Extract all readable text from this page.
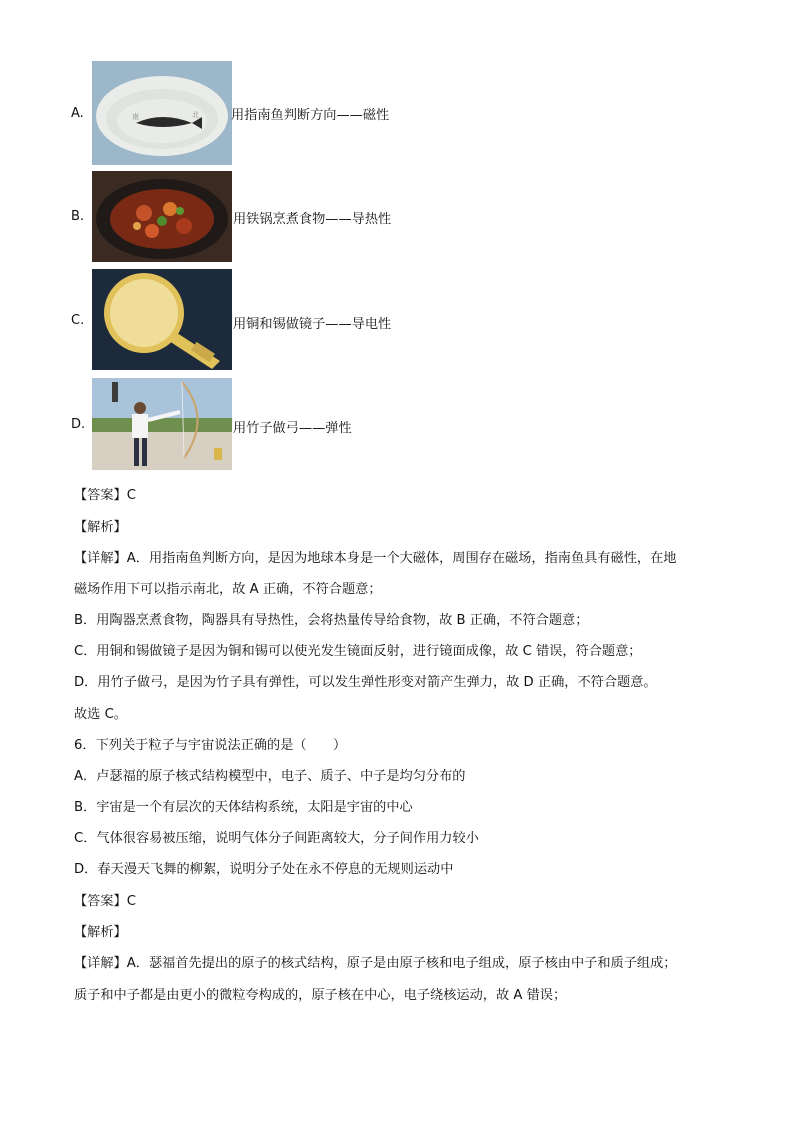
A.	南	北 用指南鱼判断方向——磁性
B.	用铁锅烹煮食物——导热性
C.	用铜和锡做镜子——导电性
D.	用竹子做弓——弹性
【答案】C
【解析】
【详解】A．用指南鱼判断方向，是因为地球本身是一个大磁体，周围存在磁场，指南鱼具有磁性，在地
磁场作用下可以指示南北，故 A 正确，不符合题意；
B．用陶器烹煮食物，陶器具有导热性，会将热量传导给食物，故 B 正确，不符合题意；
C．用铜和锡做镜子是因为铜和锡可以使光发生镜面反射，进行镜面成像，故 C 错误，符合题意；
D．用竹子做弓，是因为竹子具有弹性，可以发生弹性形变对箭产生弹力，故 D 正确，不符合题意。
故选 C。
6．下列关于粒子与宇宙说法正确的是（　　）
A．卢瑟福的原子核式结构模型中，电子、质子、中子是均匀分布的
B．宇宙是一个有层次的天体结构系统，太阳是宇宙的中心
C．气体很容易被压缩，说明气体分子间距离较大，分子间作用力较小
D．春天漫天飞舞的柳絮，说明分子处在永不停息的无规则运动中
【答案】C
【解析】
【详解】A．瑟福首先提出的原子的核式结构，原子是由原子核和电子组成，原子核由中子和质子组成；
质子和中子都是由更小的微粒夸构成的，原子核在中心，电子绕核运动，故 A 错误；
